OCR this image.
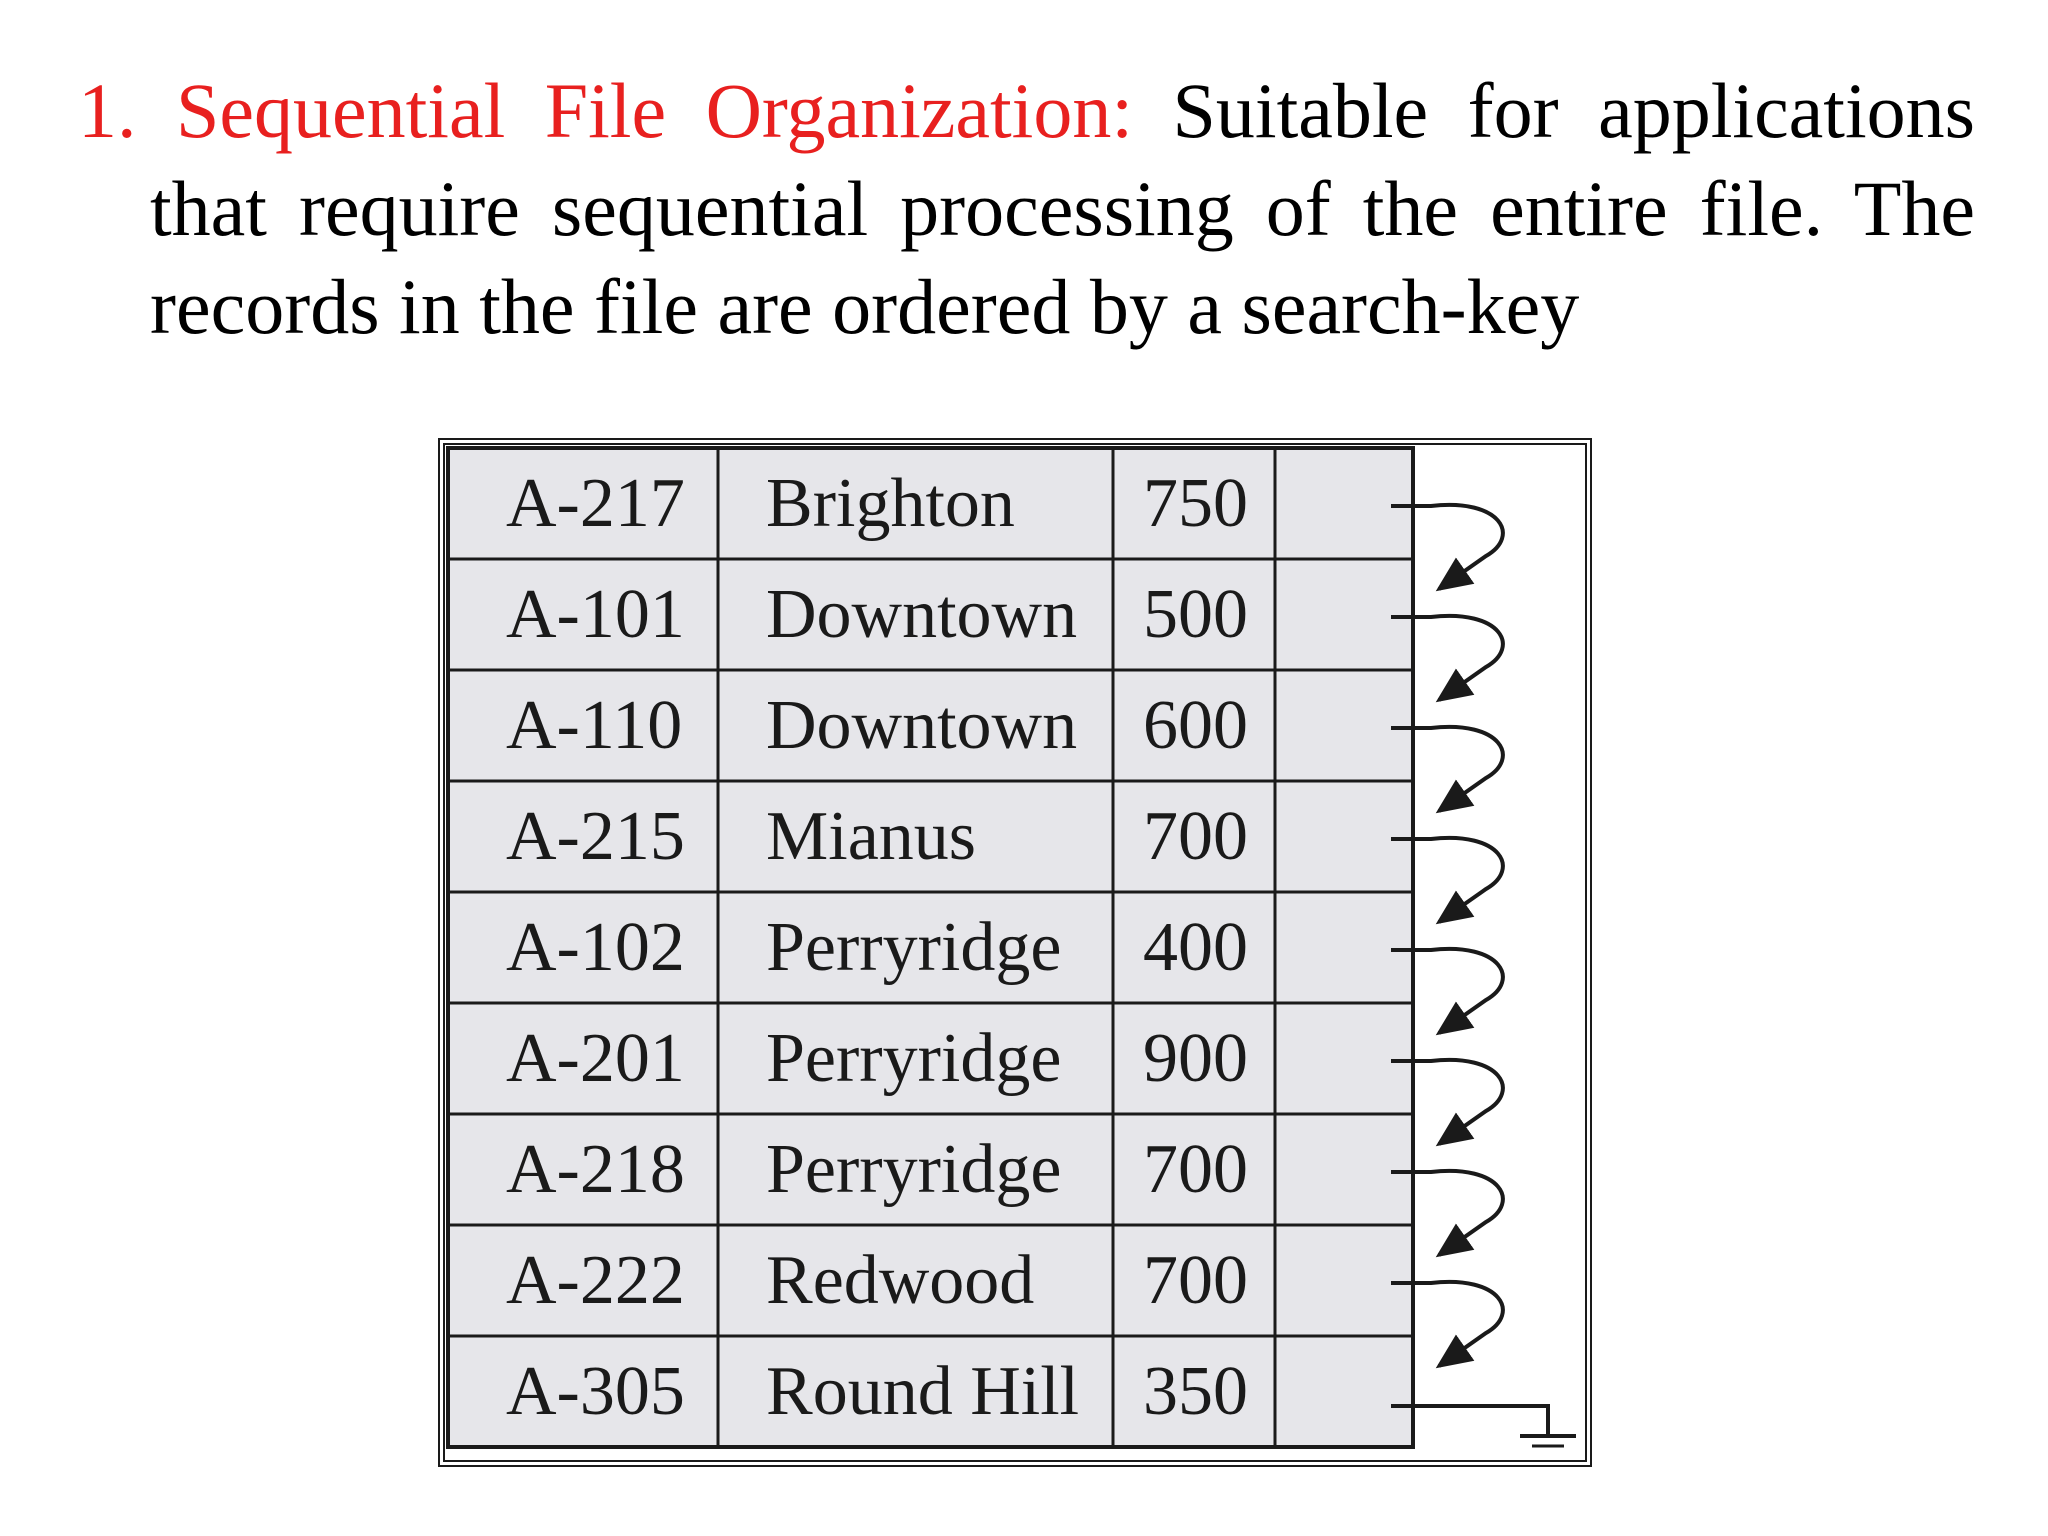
1. Sequential File Organization: Suitable for applications that require sequential processing of the entire file. The records in the file are ordered by a search-key

A-217 Brighton 750
A-101 Downtown 500
A-110 Downtown 600
A-215 Mianus 700
A-102 Perryridge 400
A-201 Perryridge 900
A-218 Perryridge 700
A-222 Redwood 700
A-305 Round Hill 350
